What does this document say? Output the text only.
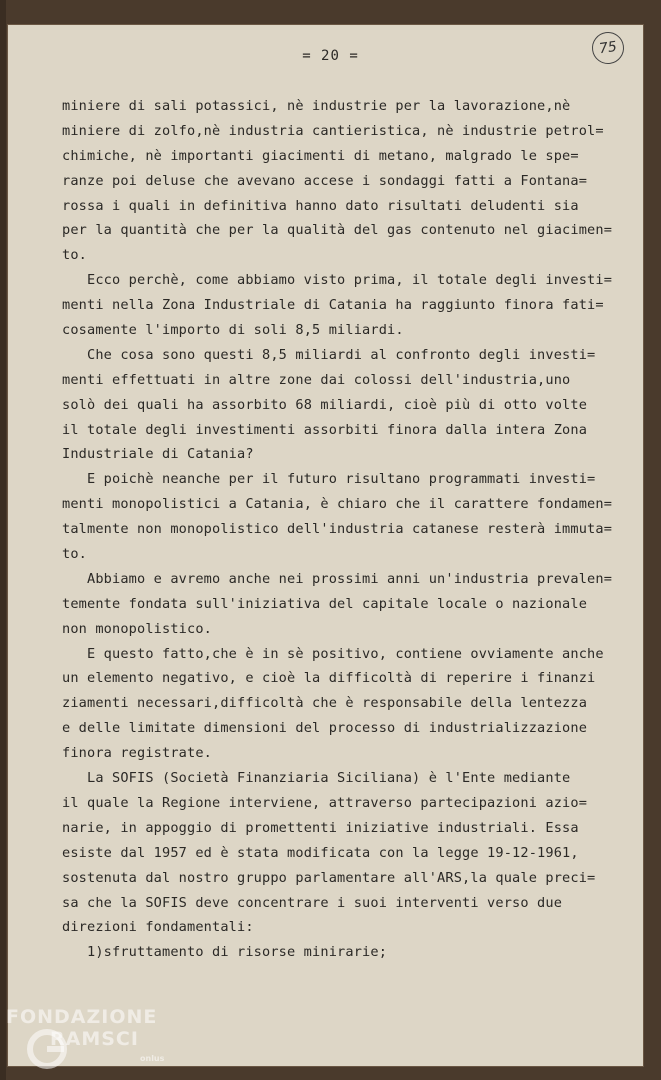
75
= 20 =
miniere di sali potassici, nè industrie per la lavorazione,nè
miniere di zolfo,nè industria cantieristica, nè industrie petrol=
chimiche, nè importanti giacimenti di metano, malgrado le spe=
ranze poi deluse che avevano accese i sondaggi fatti a Fontana=
rossa i quali in definitiva hanno dato risultati deludenti sia
per la quantità che per la qualità del gas contenuto nel giacimen=
to.
Ecco perchè, come abbiamo visto prima, il totale degli investi=
menti nella Zona Industriale di Catania ha raggiunto finora fati=
cosamente l'importo di soli 8,5 miliardi.
Che cosa sono questi 8,5 miliardi al confronto degli investi=
menti effettuati in altre zone dai colossi dell'industria,uno
solò dei quali ha assorbito 68 miliardi, cioè più di otto volte
il totale degli investimenti assorbiti finora dalla intera Zona
Industriale di Catania?
E poichè neanche per il futuro risultano programmati investi=
menti monopolistici a Catania, è chiaro che il carattere fondamen=
talmente non monopolistico dell'industria catanese resterà immuta=
to.
Abbiamo e avremo anche nei prossimi anni un'industria prevalen=
temente fondata sull'iniziativa del capitale locale o nazionale
non monopolistico.
E questo fatto,che è in sè positivo, contiene ovviamente anche
un elemento negativo, e cioè la difficoltà di reperire i finanzi
ziamenti necessari,difficoltà che è responsabile della lentezza
e delle limitate dimensioni del processo di industrializzazione
finora registrate.
La SOFIS (Società Finanziaria Siciliana) è l'Ente mediante
il quale la Regione interviene, attraverso partecipazioni azio=
narie, in appoggio di promettenti iniziative industriali. Essa
esiste dal 1957 ed è stata modificata con la legge 19-12-1961,
sostenuta dal nostro gruppo parlamentare all'ARS,la quale preci=
sa che la SOFIS deve concentrare i suoi interventi verso due
direzioni fondamentali:
1)sfruttamento di risorse minirarie;
FONDAZIONE
RAMSCI
onlus
